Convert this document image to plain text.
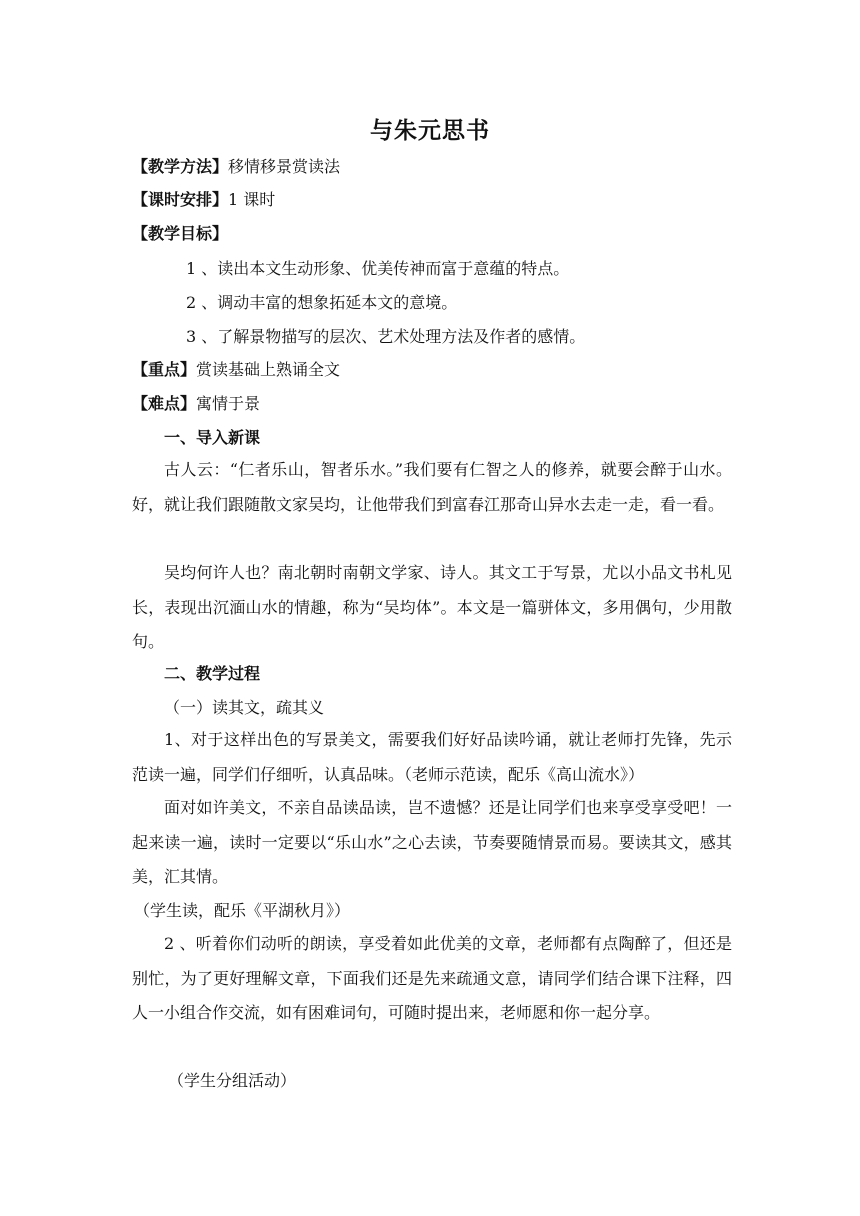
与朱元思书
【教学方法】移情移景赏读法
【课时安排】1 课时
【教学目标】
1 、读出本文生动形象、优美传神而富于意蕴的特点。
2 、调动丰富的想象拓延本文的意境。
3 、了解景物描写的层次、艺术处理方法及作者的感情。
【重点】赏读基础上熟诵全文
【难点】寓情于景
一、导入新课
古人云：“仁者乐山，智者乐水。”我们要有仁智之人的修养，就要会醉于山水。好，就让我们跟随散文家吴均，让他带我们到富春江那奇山异水去走一走，看一看。
吴均何许人也？南北朝时南朝文学家、诗人。其文工于写景，尤以小品文书札见长，表现出沉湎山水的情趣，称为“吴均体”。本文是一篇骈体文，多用偶句，少用散句。
二、教学过程
（一）读其文，疏其义
1、对于这样出色的写景美文，需要我们好好品读吟诵，就让老师打先锋，先示范读一遍，同学们仔细听，认真品味。（老师示范读，配乐《高山流水》）
面对如许美文，不亲自品读品读，岂不遗憾？还是让同学们也来享受享受吧！一起来读一遍，读时一定要以“乐山水”之心去读，节奏要随情景而易。要读其文，感其美，汇其情。
（学生读，配乐《平湖秋月》）
2 、听着你们动听的朗读，享受着如此优美的文章，老师都有点陶醉了，但还是别忙，为了更好理解文章，下面我们还是先来疏通文意，请同学们结合课下注释，四人一小组合作交流，如有困难词句，可随时提出来，老师愿和你一起分享。
（学生分组活动）
